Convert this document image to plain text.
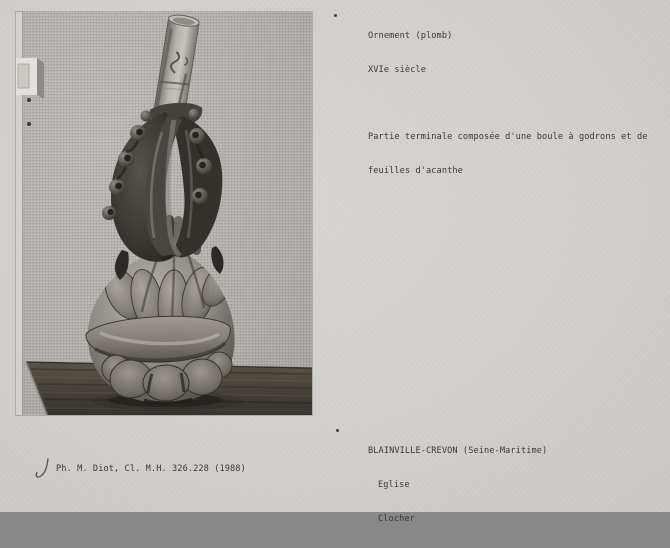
Ornement (plomb)

XVIe siècle

Partie terminale composée d'une boule à godrons et de

feuilles d'acanthe

BLAINVILLE-CREVON (Seine-Maritime)

Eglise

Clocher

Ph. M. Diot, Cl. M.H. 326.228 (1988)
